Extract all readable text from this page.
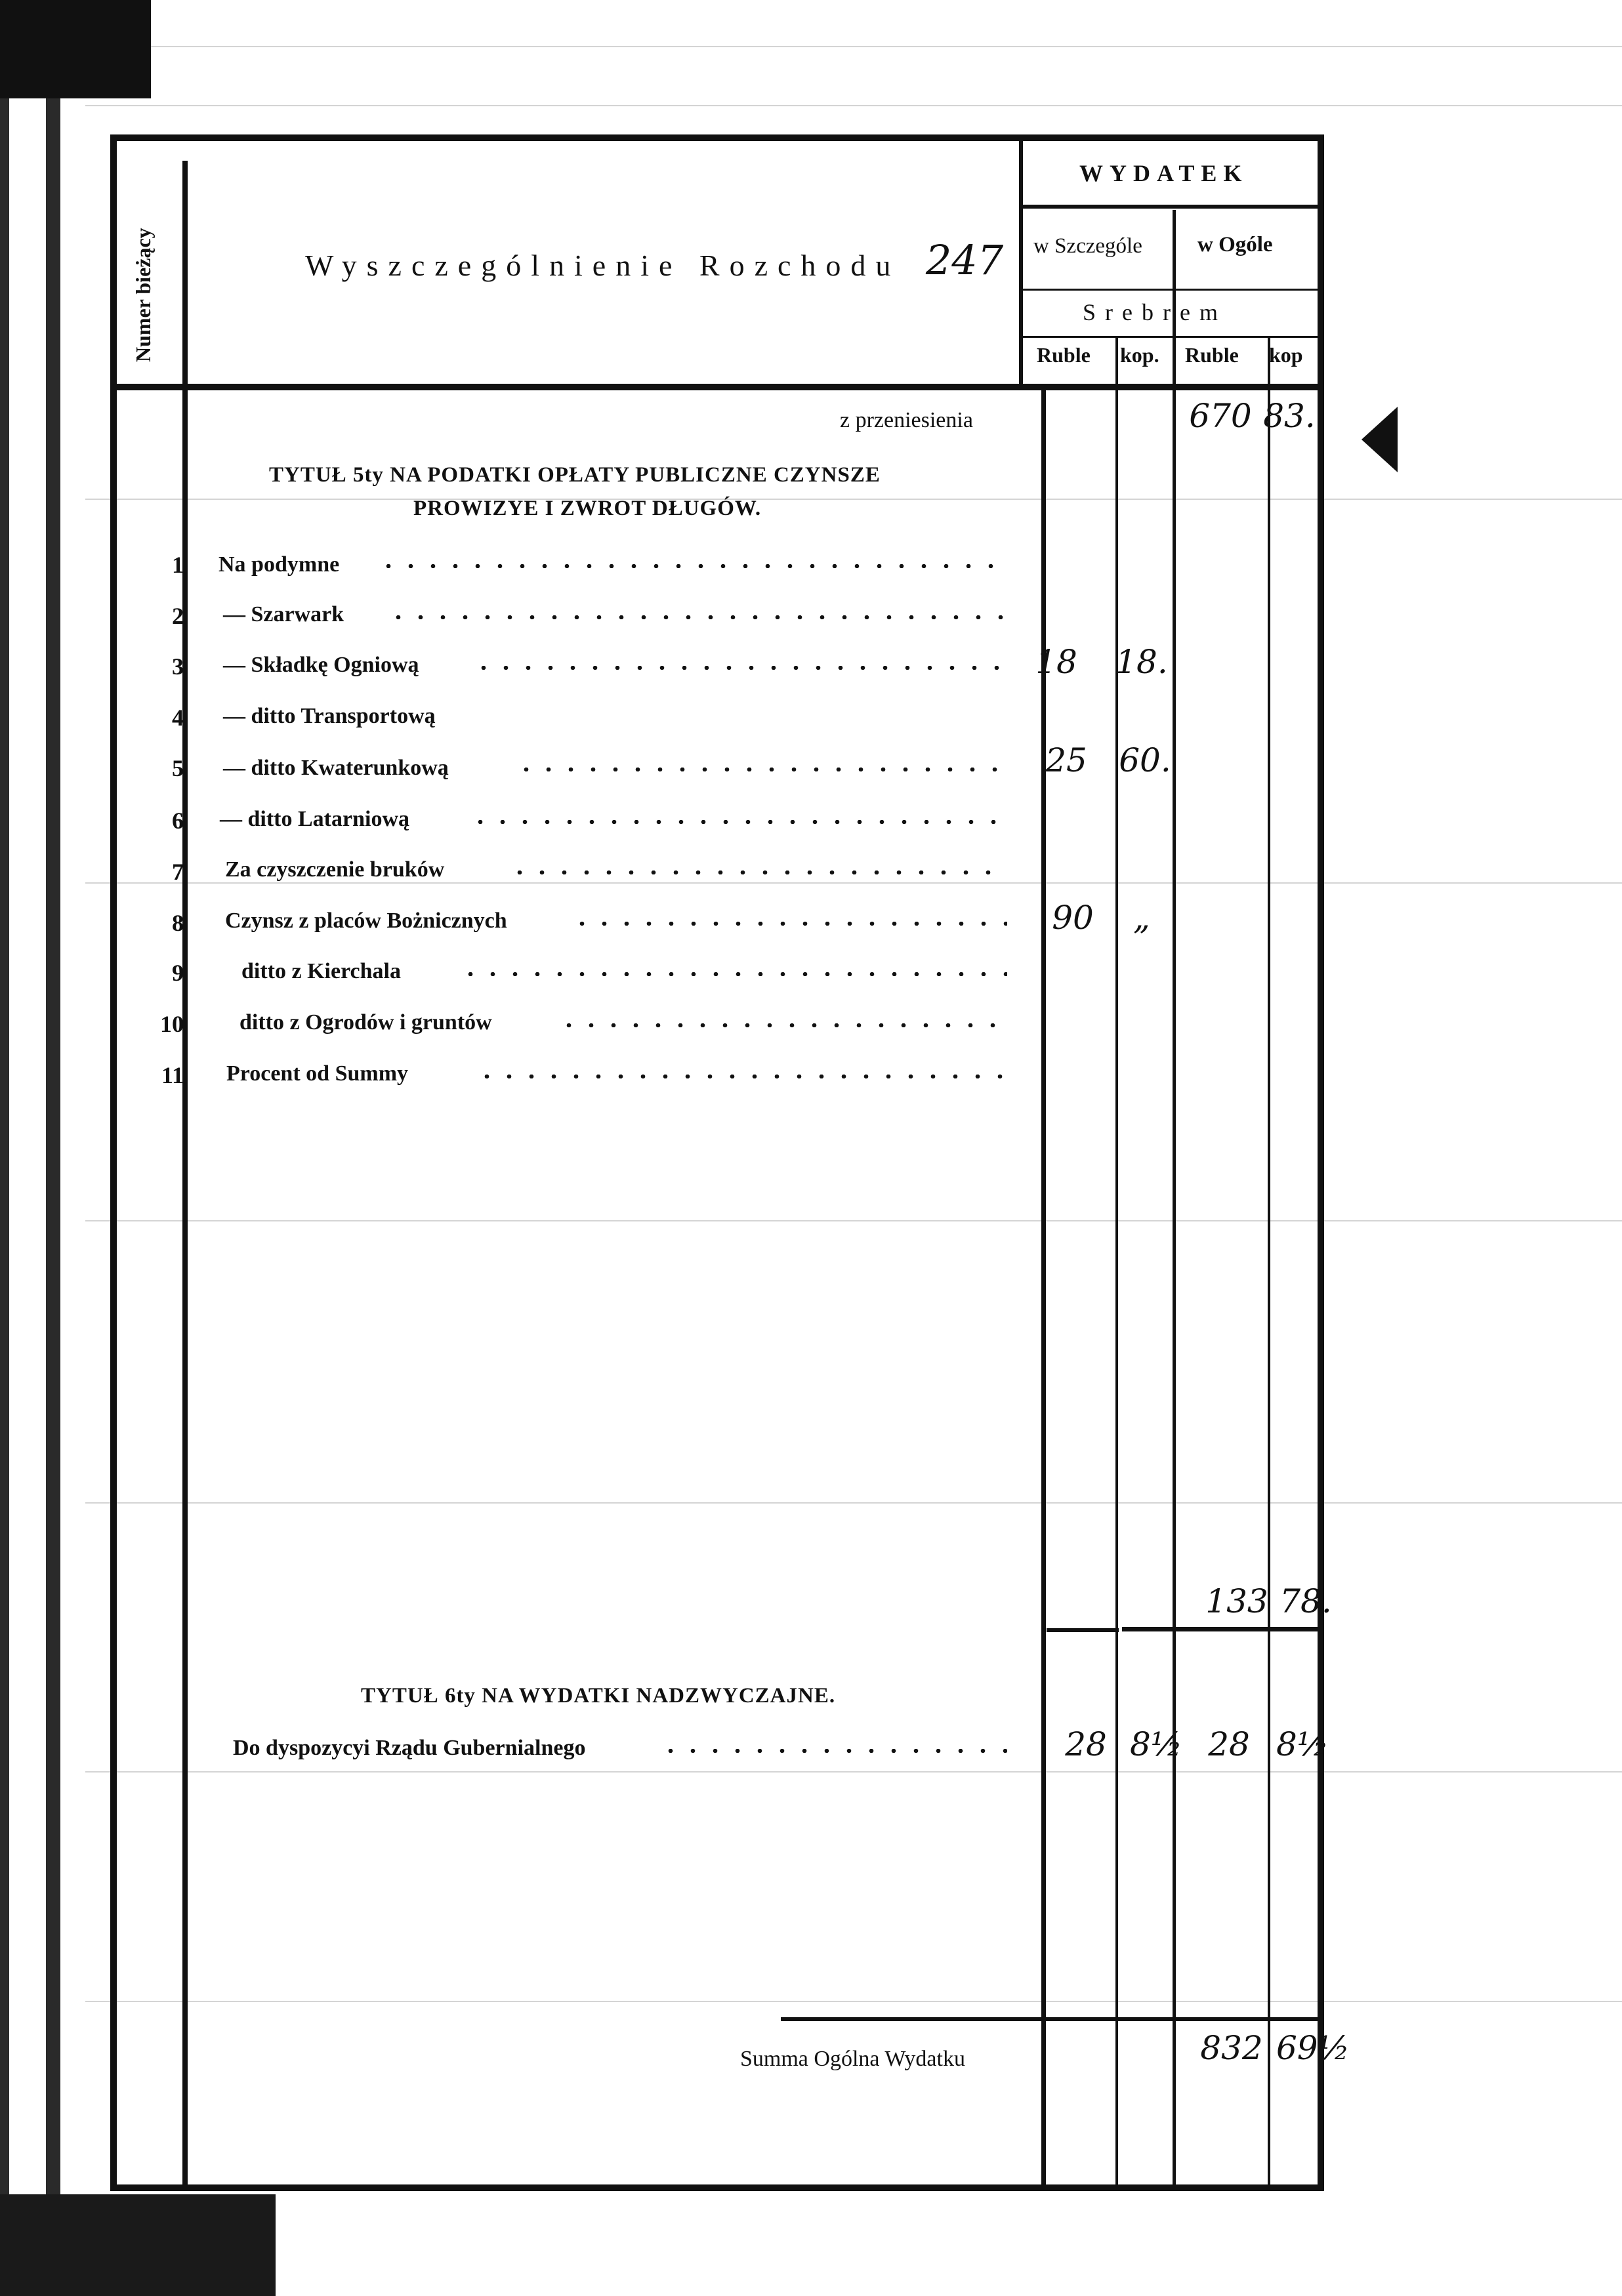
Numer bieżący	Wyszczególnienie Rozchodu 247
WYDATEK
w Szczególe	w Ogóle
Srebrem
Ruble kop. Ruble kop
z przeniesienia	670 83.
TYTUŁ 5ty NA PODATKI OPŁATY PUBLICZNE CZYNSZE
PROWIZYE I ZWROT DŁUGÓW.
1 Na podymne
2 — Szarwark
3 — Składkę Ogniową	18	18.
4 — ditto Transportową
5 — ditto Kwaterunkową	25 60.
6 — ditto Latarniową
7 Za czyszczenie bruków
8 Czynsz z placów Bożnicznych	90	„
9	ditto z Kierchala
10	ditto z Ogrodów i gruntów
11 Procent od Summy
133 78.
TYTUŁ 6ty NA WYDATKI NADZWYCZAJNE.
Do dyspozycyi Rządu Gubernialnego	28 8½ 28 8½
Summa Ogólna Wydatku	832 69½
